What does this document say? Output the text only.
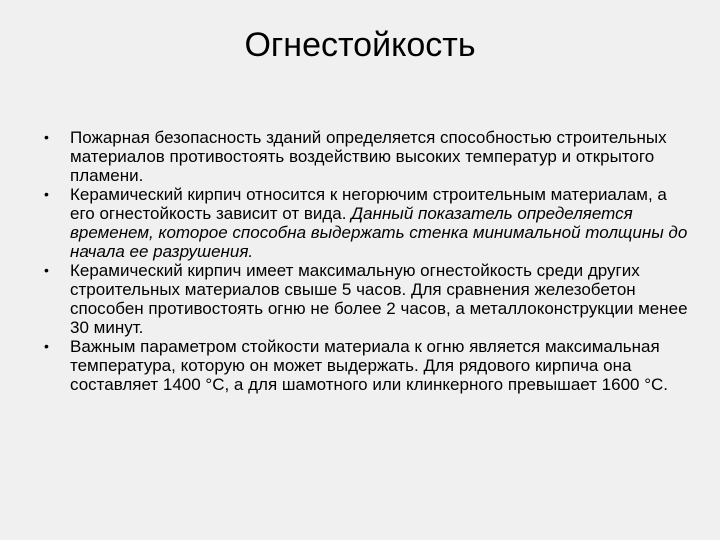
Огнестойкость
• Пожарная безопасность зданий определяется способностью строительных материалов противостоять воздействию высоких температур и открытого пламени.
• Керамический кирпич относится к негорючим строительным материалам, а его огнестойкость зависит от вида. Данный показатель определяется временем, которое способна выдержать стенка минимальной толщины до начала ее разрушения.
• Керамический кирпич имеет максимальную огнестойкость среди других строительных материалов свыше 5 часов. Для сравнения железобетон способен противостоять огню не более 2 часов, а металлоконструкции менее 30 минут.
• Важным параметром стойкости материала к огню является максимальная температура, которую он может выдержать. Для рядового кирпича она составляет 1400 °С, а для шамотного или клинкерного превышает 1600 °С.
